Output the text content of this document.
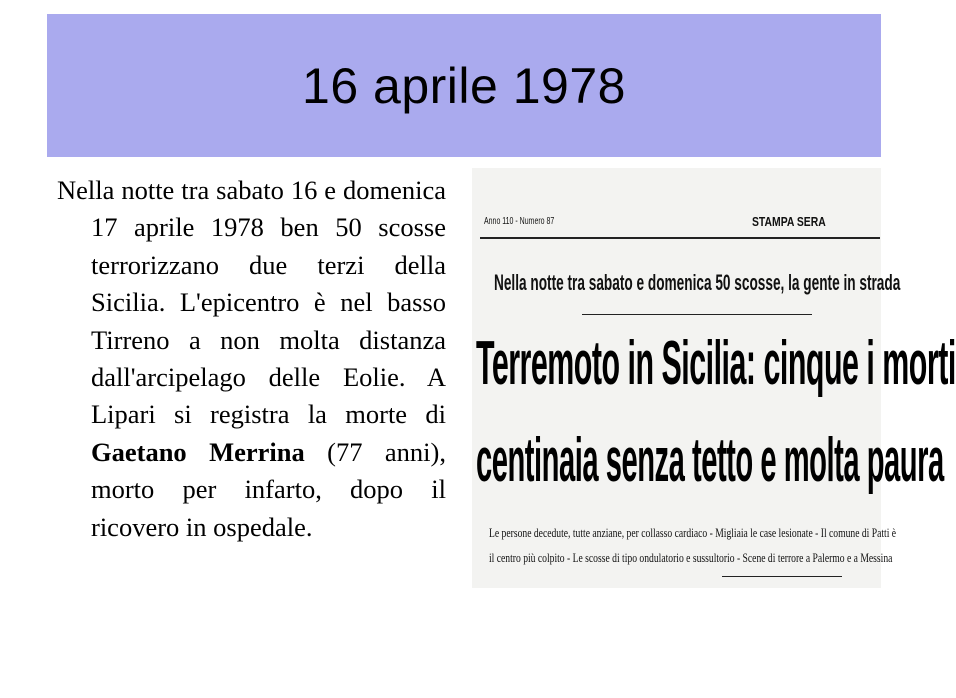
16 aprile 1978

Nella notte tra sabato 16 e domenica 17 aprile 1978 ben 50 scosse terrorizzano due terzi della Sicilia. L'epicentro è nel basso Tirreno a non molta distanza dall'arcipelago delle Eolie. A Lipari si registra la morte di Gaetano Merrina (77 anni), morto per infarto, dopo il ricovero in ospedale.

Anno 110 - Numero 87	STAMPA SERA
Nella notte tra sabato e domenica 50 scosse, la gente in strada
Terremoto in Sicilia: cinque i morti
centinaia senza tetto e molta paura
Le persone decedute, tutte anziane, per collasso cardiaco - Migliaia le case lesionate - Il comune di Patti è
il centro più colpito - Le scosse di tipo ondulatorio e sussultorio - Scene di terrore a Palermo e a Messina
